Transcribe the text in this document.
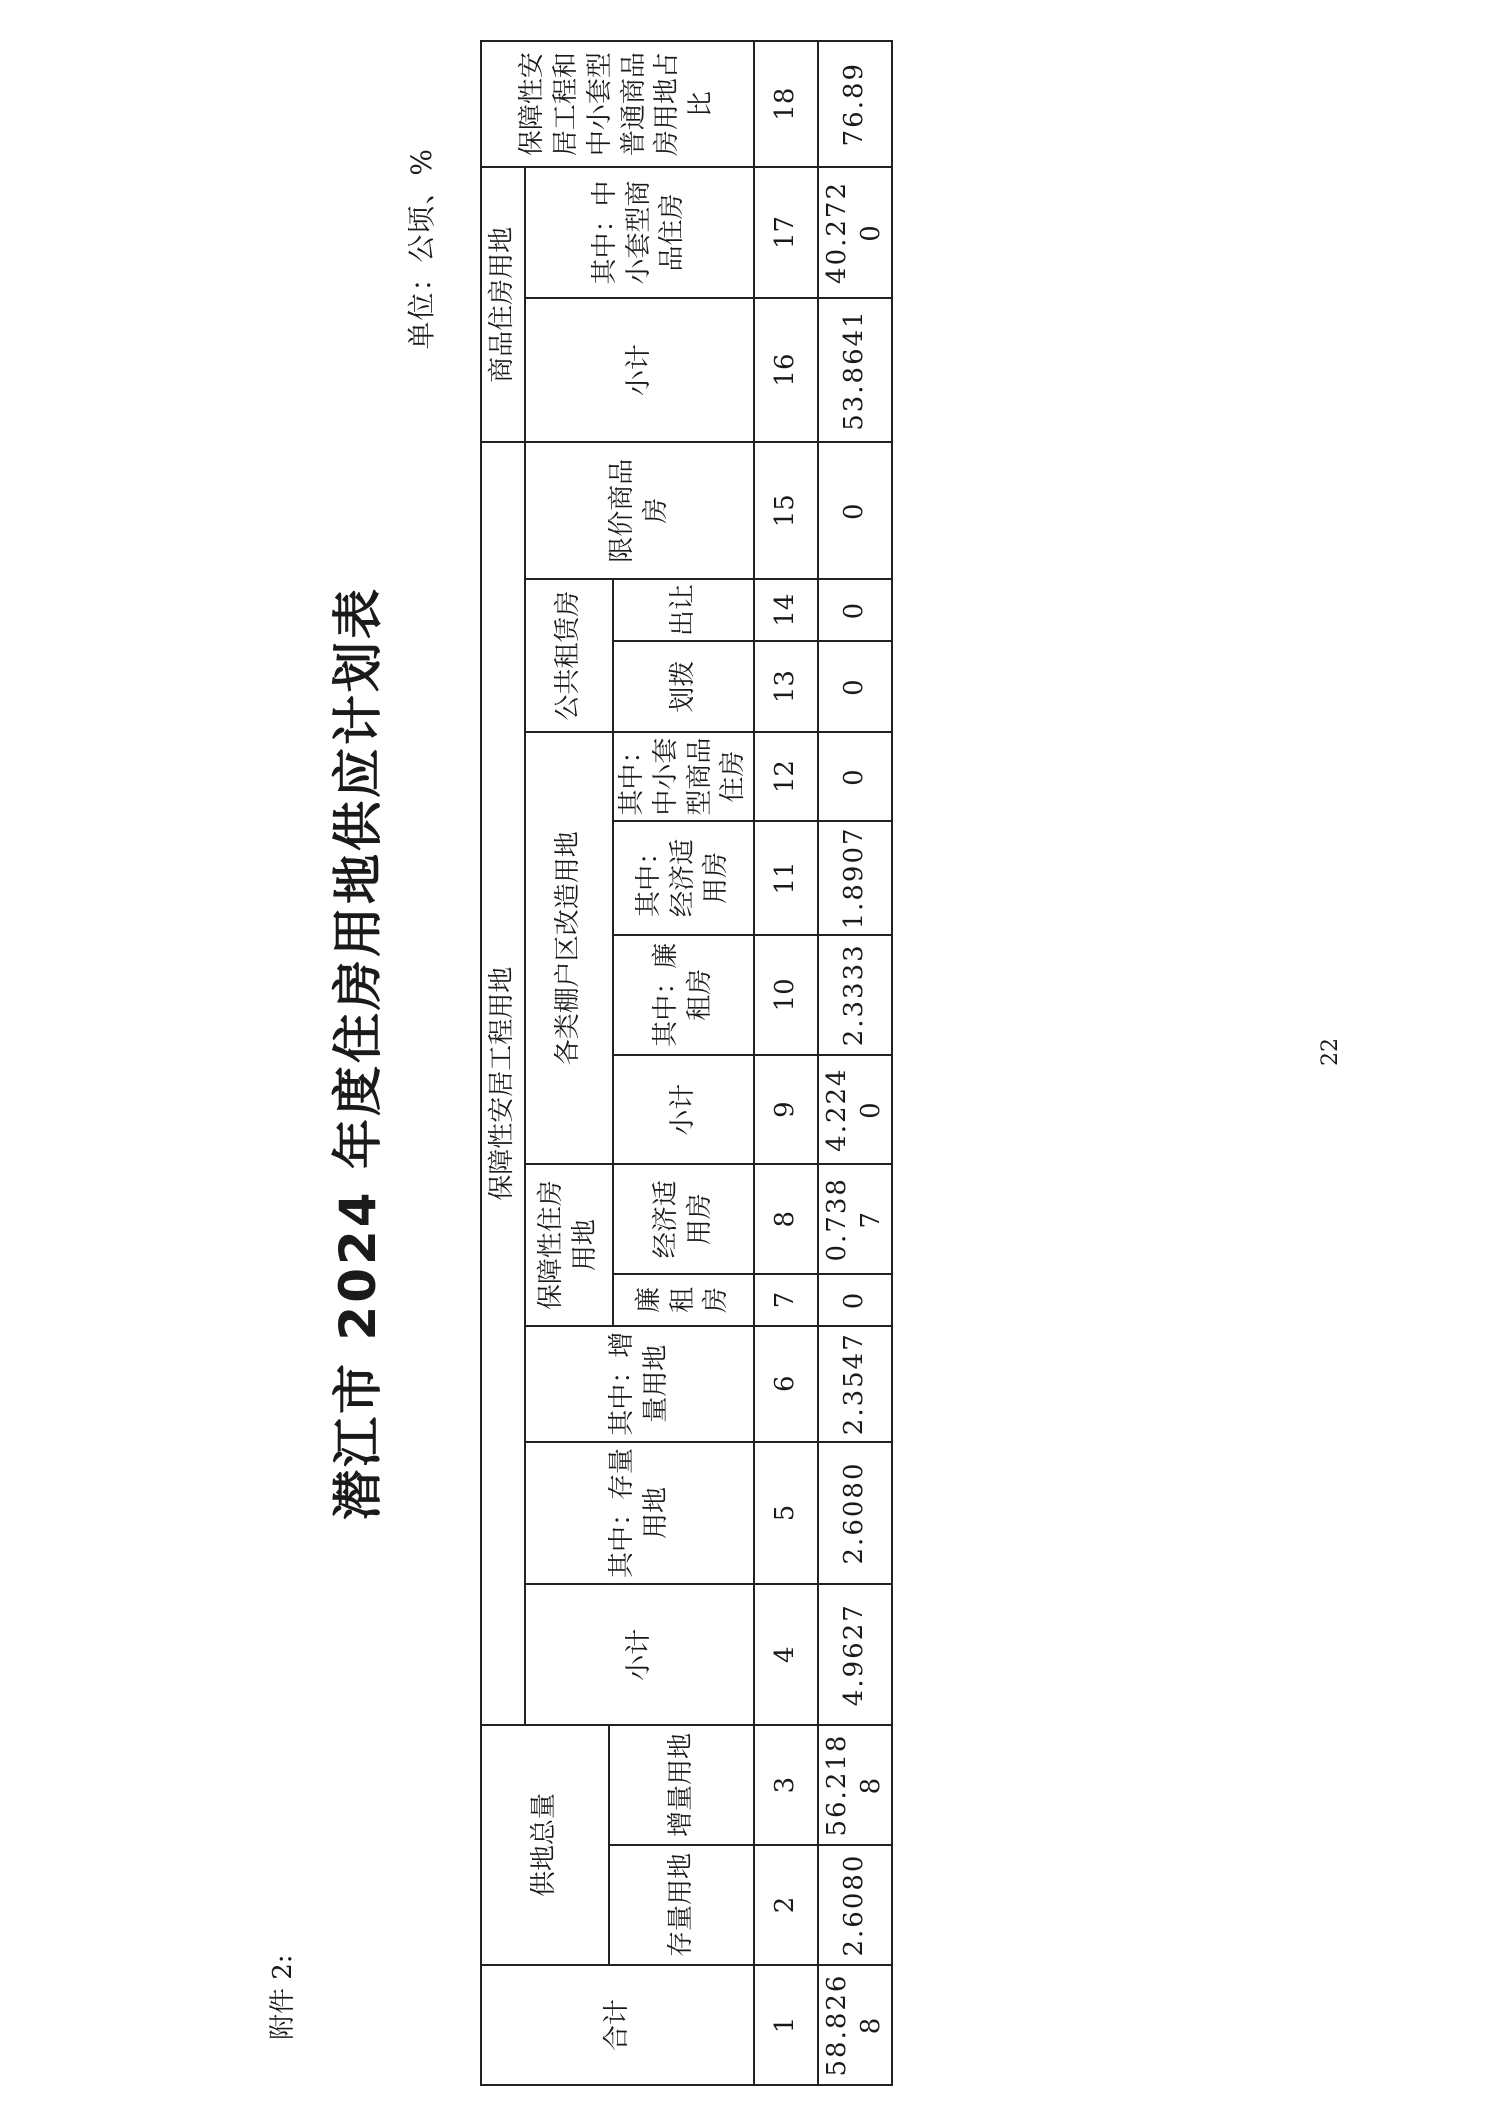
附件 2:
潜江市 2024 年度住房用地供应计划表
单位：公顷、%
合计	供地总量		保障性安居工程用地												商品住房用地		保障性安居工程和中小套型普通商品房用地占比
			小计	其中：存量用地	其中：增量用地	保障性住房用地		各类棚户区改造用地				公共租赁房		限价商品房	小计	其中：中小套型商品住房	
	存量用地	增量用地															
						廉租房	经济适用房	小计	其中：廉租房	其中：经济适用房	其中：中小套型商品住房	划拨	出让				
1	2	3	4	5	6	7	8	9	10	11	12	13	14	15	16	17	18
58.8268	2.6080	56.2188	4.9627	2.6080	2.3547	0	0.7387	4.2240	2.3333	1.8907	0	0	0	0	53.8641	40.2720	76.89
22
